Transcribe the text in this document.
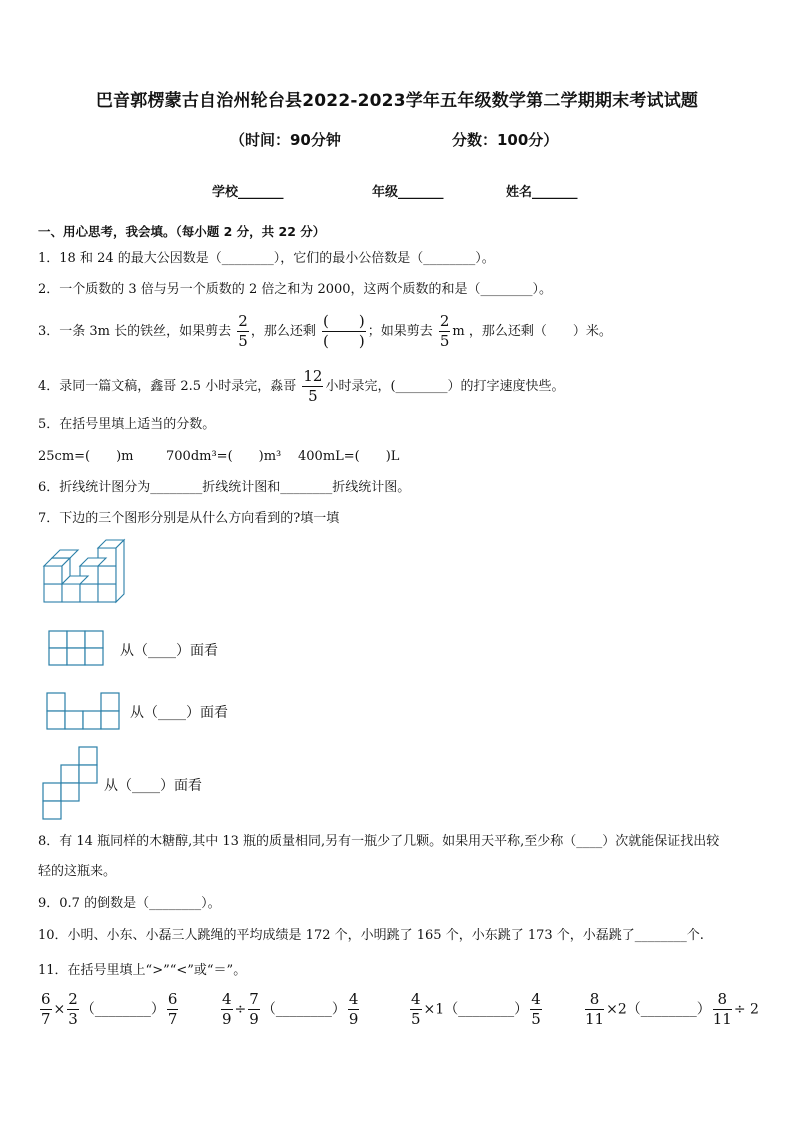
巴音郭楞蒙古自治州轮台县2022-2023学年五年级数学第二学期期末考试试题
（时间：90分钟	分数：100分）
学校_______	年级_______	姓名_______
一、用心思考，我会填。（每小题 2 分，共 22 分）
1．18 和 24 的最大公因数是（________），它们的最小公倍数是（________）。
2．一个质数的 3 倍与另一个质数的 2 倍之和为 2000，这两个质数的和是（________）。
3．一条 3m 长的铁丝，如果剪去 $\frac{2}{5}$ ，那么还剩 $\frac{( )}{( )}$ ；如果剪去 $\frac{2}{5}$ m ，那么还剩（　　）米。
4．录同一篇文稿，鑫哥 2.5 小时录完，淼哥 $\frac{12}{5}$ 小时录完，(________）的打字速度快些。
5．在括号里填上适当的分数。
25cm=(　　)m 700dm³=(　　)m³ 400mL=(　　)L
6．折线统计图分为________折线统计图和________折线统计图。
7．下边的三个图形分别是从什么方向看到的?填一填
从（____）面看
从（____）面看
从（____）面看
8．有 14 瓶同样的木糖醇,其中 13 瓶的质量相同,另有一瓶少了几颗。如果用天平称,至少称（____）次就能保证找出较
轻的这瓶来。
9．0.7 的倒数是（________）。
10．小明、小东、小磊三人跳绳的平均成绩是 172 个，小明跳了 165 个，小东跳了 173 个，小磊跳了________个.
11．在括号里填上“>”“<”或“＝”。
$\frac{6}{7} \times \frac{2}{3}$ （________） $\frac{6}{7}$	$\frac{4}{9} \div \frac{7}{9}$ （________） $\frac{4}{9}$	$\frac{4}{5}$ ×1（________） $\frac{4}{5}$	$\frac{8}{11}$ ×2（________） $\frac{8}{11} \div 2$
